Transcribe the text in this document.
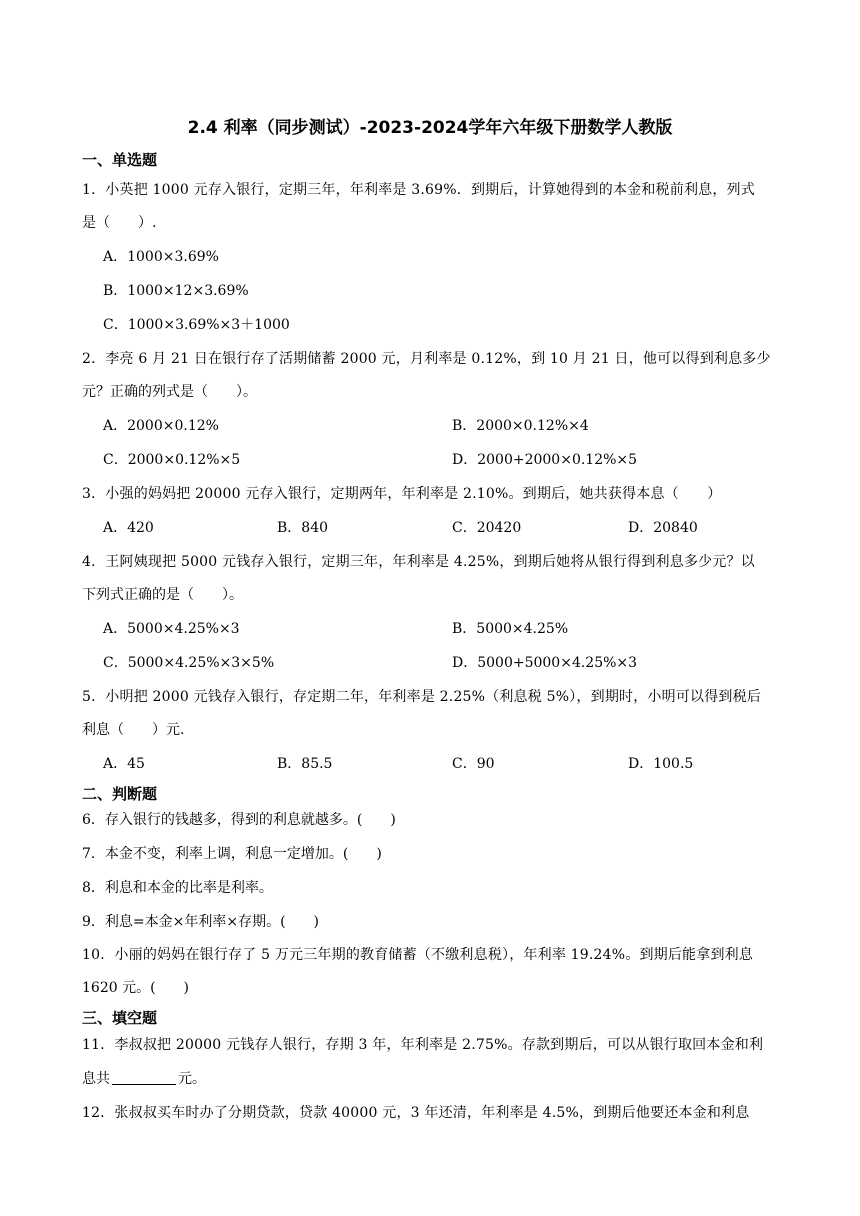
2.4 利率（同步测试）-2023-2024学年六年级下册数学人教版
一、单选题
1．小英把 1000 元存入银行，定期三年，年利率是 3.69%．到期后，计算她得到的本金和税前利息，列式
是（　　）.
A．1000×3.69%
B．1000×12×3.69%
C．1000×3.69%×3＋1000
2．李亮 6 月 21 日在银行存了活期储蓄 2000 元，月利率是 0.12%，到 10 月 21 日，他可以得到利息多少
元？正确的列式是（　　）。
A．2000×0.12%	B．2000×0.12%×4
C．2000×0.12%×5	D．2000+2000×0.12%×5
3．小强的妈妈把 20000 元存入银行，定期两年，年利率是 2.10%。到期后，她共获得本息（　　）
A．420	B．840	C．20420	D．20840
4．王阿姨现把 5000 元钱存入银行，定期三年，年利率是 4.25%，到期后她将从银行得到利息多少元？以
下列式正确的是（　　）。
A．5000×4.25%×3	B．5000×4.25%
C．5000×4.25%×3×5%	D．5000+5000×4.25%×3
5．小明把 2000 元钱存入银行，存定期二年，年利率是 2.25%（利息税 5%），到期时，小明可以得到税后
利息（　　）元.
A．45	B．85.5	C．90	D．100.5
二、判断题
6．存入银行的钱越多，得到的利息就越多。(　　)
7．本金不变，利率上调，利息一定增加。(　　)
8．利息和本金的比率是利率。
9．利息=本金×年利率×存期。(　　)
10．小丽的妈妈在银行存了 5 万元三年期的教育储蓄（不缴利息税），年利率 19.24%。到期后能拿到利息
1620 元。(　　)
三、填空题
11．李叔叔把 20000 元钱存人银行，存期 3 年，年利率是 2.75%。存款到期后，可以从银行取回本金和利
息共	元。
12．张叔叔买车时办了分期贷款，贷款 40000 元，3 年还清，年利率是 4.5%，到期后他要还本金和利息
